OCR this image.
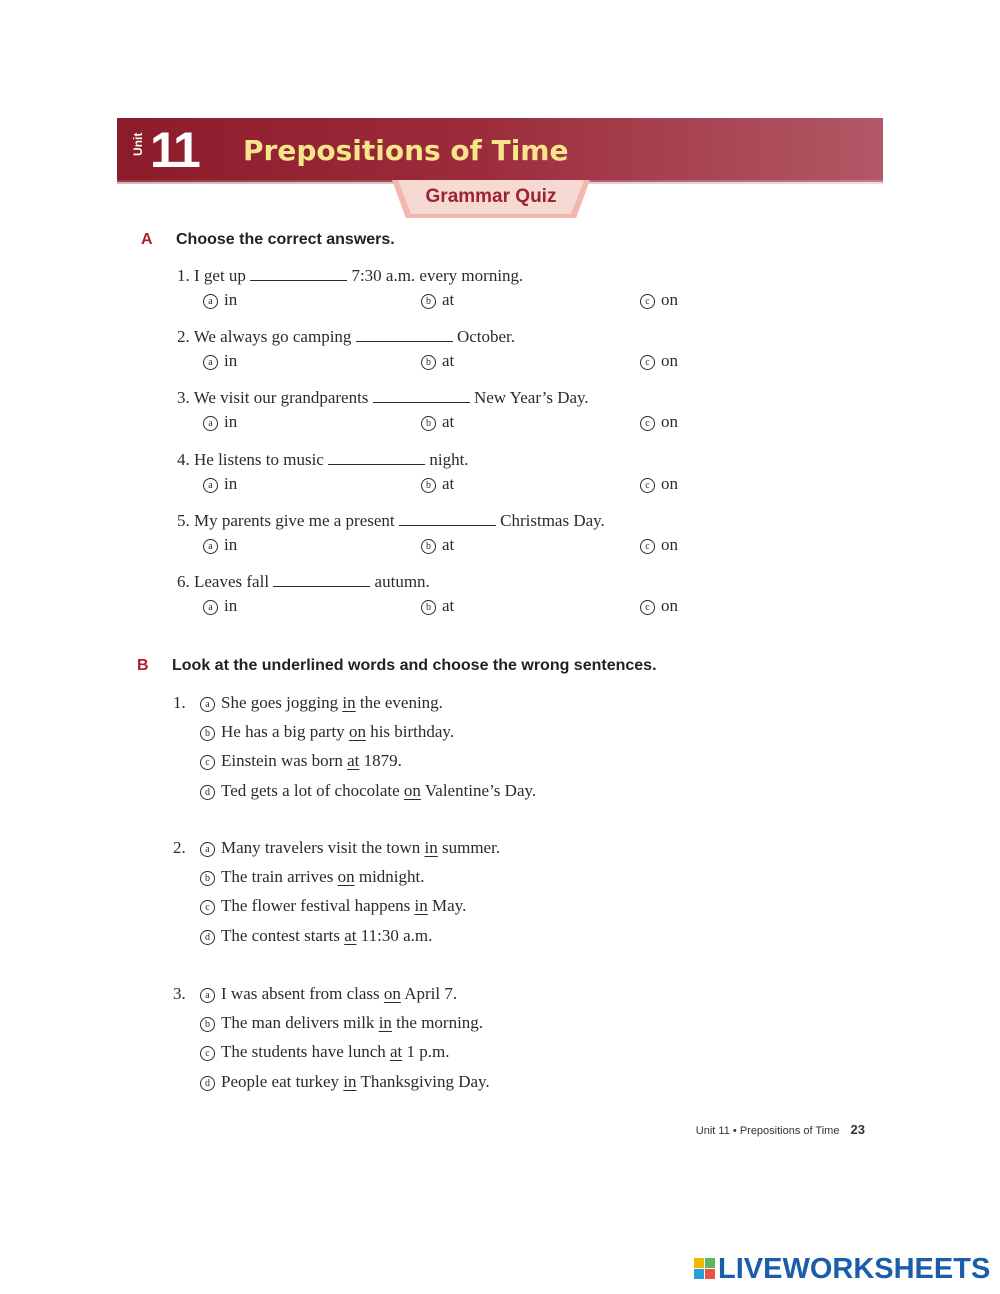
Unit 11 Prepositions of Time
Grammar Quiz
A Choose the correct answers.
1. I get up	7:30 a.m. every morning.
a in	b at	c on
2. We always go camping	October.
a in	b at	c on
3. We visit our grandparents	New Year’s Day.
a in	b at	c on
4. He listens to music	night.
a in	b at	c on
5. My parents give me a present	Christmas Day.
a in	b at	c on
6. Leaves fall	autumn.
a in	b at	c on
B Look at the underlined words and choose the wrong sentences.
1.	a She goes jogging in the evening.
b He has a big party on his birthday.
c Einstein was born at 1879.
d Ted gets a lot of chocolate on Valentine’s Day.
2.	a Many travelers visit the town in summer.
b The train arrives on midnight.
c The flower festival happens in May.
d The contest starts at 11:30 a.m.
3.	a I was absent from class on April 7.
b The man delivers milk in the morning.
c The students have lunch at 1 p.m.
d People eat turkey in Thanksgiving Day.
Unit 11 • Prepositions of Time 23
LIVEWORKSHEETS
